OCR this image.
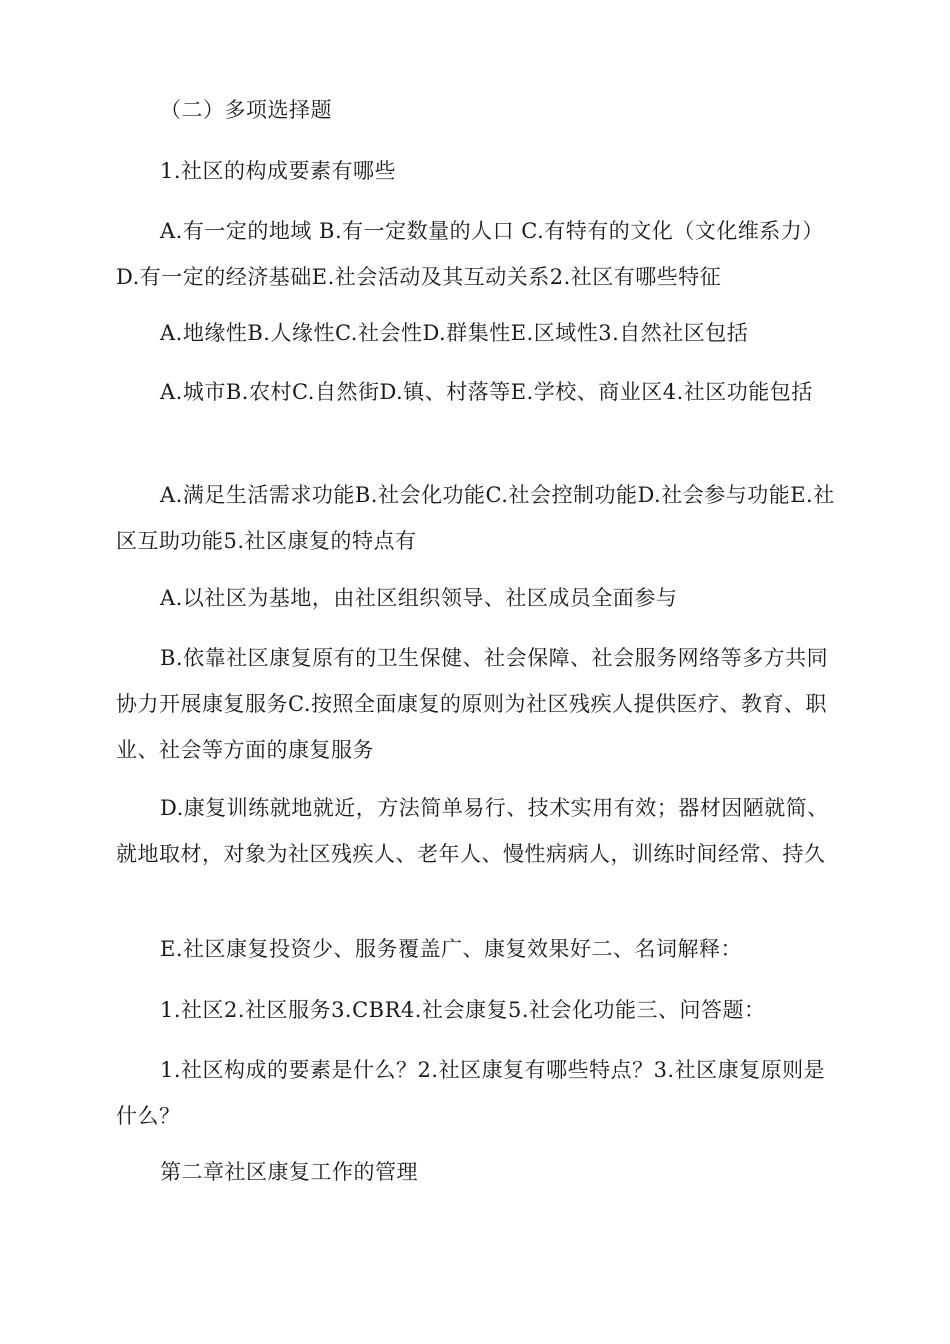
（二）多项选择题

1.社区的构成要素有哪些

A.有一定的地域 B.有一定数量的人口 C.有特有的文化（文化维系力）D.有一定的经济基础E.社会活动及其互动关系2.社区有哪些特征

A.地缘性B.人缘性C.社会性D.群集性E.区域性3.自然社区包括

A.城市B.农村C.自然街D.镇、村落等E.学校、商业区4.社区功能包括

A.满足生活需求功能B.社会化功能C.社会控制功能D.社会参与功能E.社区互助功能5.社区康复的特点有

A.以社区为基地，由社区组织领导、社区成员全面参与

B.依靠社区康复原有的卫生保健、社会保障、社会服务网络等多方共同协力开展康复服务C.按照全面康复的原则为社区残疾人提供医疗、教育、职业、社会等方面的康复服务

D.康复训练就地就近，方法简单易行、技术实用有效；器材因陋就简、就地取材，对象为社区残疾人、老年人、慢性病病人，训练时间经常、持久

E.社区康复投资少、服务覆盖广、康复效果好二、名词解释：

1.社区2.社区服务3.CBR4.社会康复5.社会化功能三、问答题：

1.社区构成的要素是什么？2.社区康复有哪些特点？3.社区康复原则是什么？

第二章社区康复工作的管理
